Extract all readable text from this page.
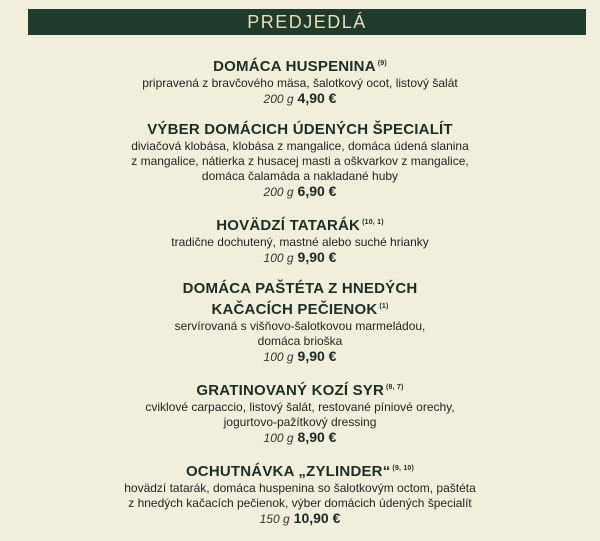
PREDJEDLÁ
DOMÁCA HUSPENINA $^{(9)}$
pripravená z bravčového mäsa, šalotkový ocot, listový šalát
200 g 4,90 €
VÝBER DOMÁCICH ÚDENÝCH ŠPECIALÍT
diviačová klobása, klobása z mangalice, domáca údená slanina
z mangalice, nátierka z husacej masti a oškvarkov z mangalice,
domáca čalamáda a nakladané huby
200 g 6,90 €
HOVÄDZÍ TATARÁK $^{(10, 1)}$
tradične dochutený, mastné alebo suché hrianky
100 g 9,90 €
DOMÁCA PAŠTÉTA Z HNEDÝCH
KAČACÍCH PEČIENOK $^{(1)}$
servírovaná s višňovo-šalotkovou marmeládou,
domáca brioška
100 g 9,90 €
GRATINOVANÝ KOZÍ SYR $^{(8, 7)}$
cviklové carpaccio, listový šalát, restované píniové orechy,
jogurtovo-pažítkový dressing
100 g 8,90 €
OCHUTNÁVKA „ZYLINDER“ $^{(9, 10)}$
hovädzí tatarák, domáca huspenina so šalotkovým octom, paštéta
z hnedých kačacích pečienok, výber domácich údených špecialít
150 g 10,90 €
